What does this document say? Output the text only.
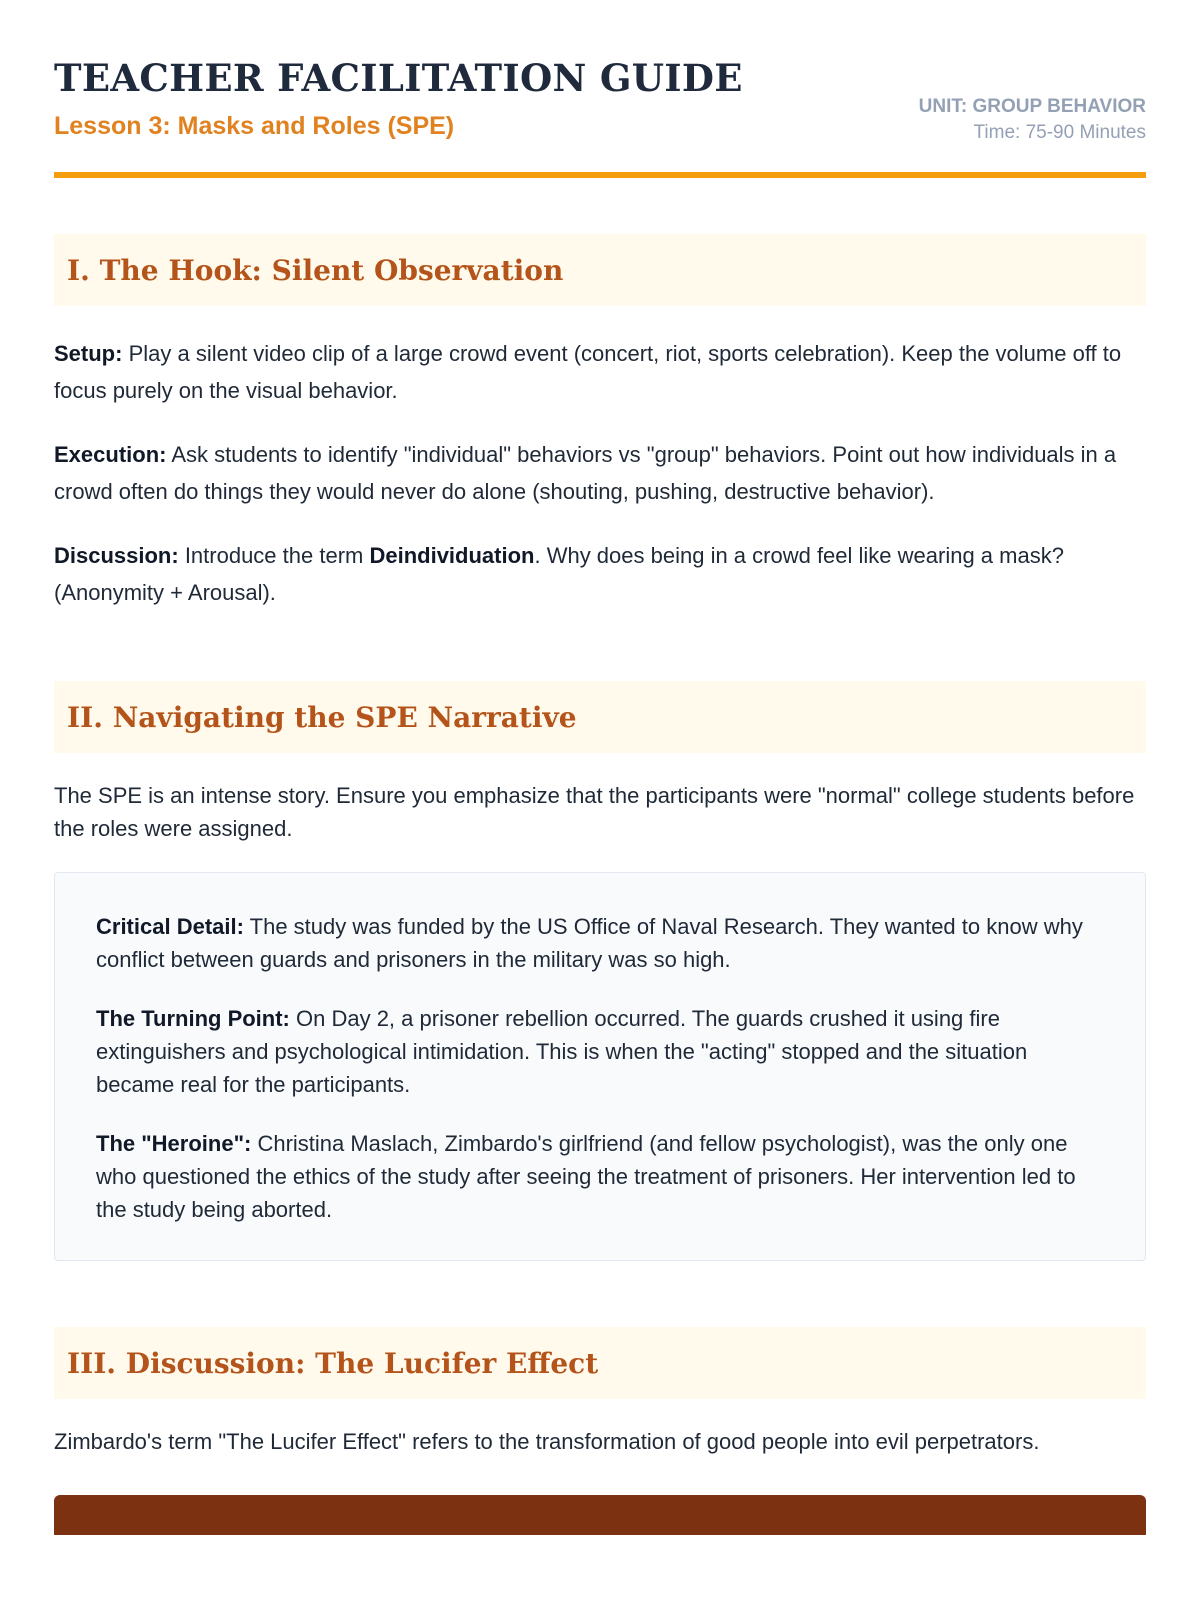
TEACHER FACILITATION GUIDE
Lesson 3: Masks and Roles (SPE)
UNIT: GROUP BEHAVIOR
Time: 75-90 Minutes
I. The Hook: Silent Observation

Setup: Play a silent video clip of a large crowd event (concert, riot, sports celebration). Keep the volume off to focus purely on the visual behavior.

Execution: Ask students to identify "individual" behaviors vs "group" behaviors. Point out how individuals in a crowd often do things they would never do alone (shouting, pushing, destructive behavior).

Discussion: Introduce the term Deindividuation. Why does being in a crowd feel like wearing a mask? (Anonymity + Arousal).

II. Navigating the SPE Narrative

The SPE is an intense story. Ensure you emphasize that the participants were "normal" college students before the roles were assigned.

Critical Detail: The study was funded by the US Office of Naval Research. They wanted to know why conflict between guards and prisoners in the military was so high.

The Turning Point: On Day 2, a prisoner rebellion occurred. The guards crushed it using fire extinguishers and psychological intimidation. This is when the "acting" stopped and the situation became real for the participants.

The "Heroine": Christina Maslach, Zimbardo's girlfriend (and fellow psychologist), was the only one who questioned the ethics of the study after seeing the treatment of prisoners. Her intervention led to the study being aborted.

III. Discussion: The Lucifer Effect

Zimbardo's term "The Lucifer Effect" refers to the transformation of good people into evil perpetrators.
